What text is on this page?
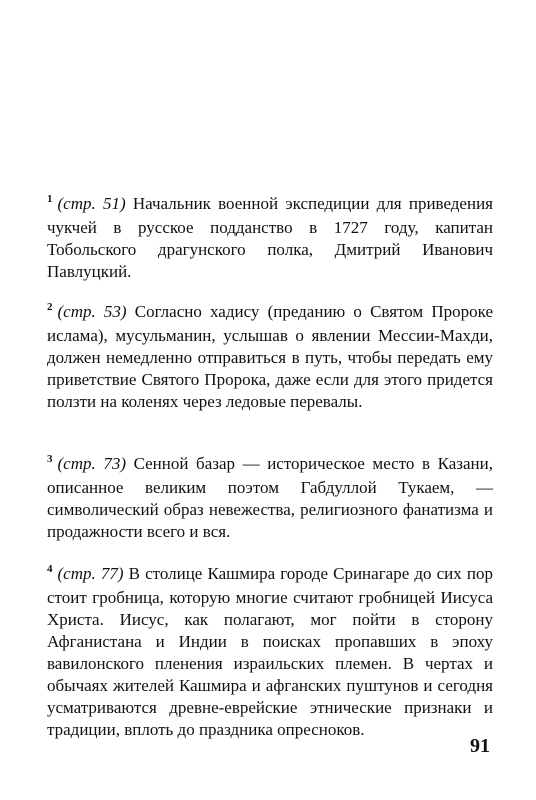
$^1$ (стр. 51) Начальник военной экспедиции для приведения чукчей в русское подданство в 1727 году, капитан Тобольского драгунского полка, Дмитрий Иванович Павлуцкий.

$^2$ (стр. 53) Согласно хадису (преданию о Святом Пророке ислама), мусульманин, услышав о явлении Мессии-Махди, должен немедленно отправиться в путь, чтобы передать ему приветствие Святого Пророка, даже если для этого придется ползти на коленях через ледовые перевалы.

$^3$ (стр. 73) Сенной базар — историческое место в Казани, описанное великим поэтом Габдуллой Тукаем, — символический образ невежества, религиозного фанатизма и продажности всего и вся.

$^4$ (стр. 77) В столице Кашмира городе Сринагаре до сих пор стоит гробница, которую многие считают гробницей Иисуса Христа. Иисус, как полагают, мог пойти в сторону Афганистана и Индии в поисках пропавших в эпоху вавилонского пленения израильских племен. В чертах и обычаях жителей Кашмира и афганских пуштунов и сегодня усматриваются древне-еврейские этнические признаки и традиции, вплоть до праздника опресноков.

91
